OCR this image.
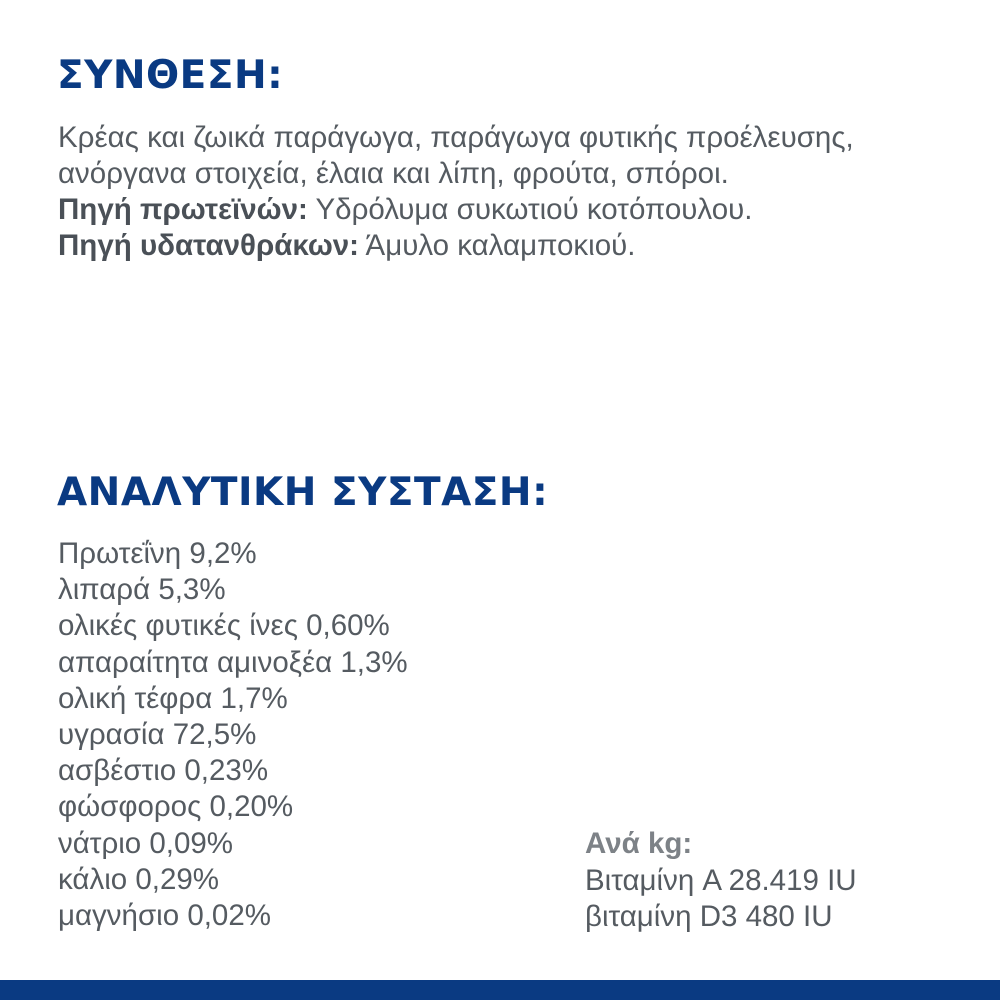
ΣΥΝΘΕΣΗ:

Κρέας και ζωικά παράγωγα, παράγωγα φυτικής προέλευσης, ανόργανα στοιχεία, έλαια και λίπη, φρούτα, σπόροι.

Πηγή πρωτεϊνών: Υδρόλυμα συκωτιού κοτόπουλου.

Πηγή υδατανθράκων: Άμυλο καλαμποκιού.

ΑΝΑΛΥΤΙΚΗ ΣΥΣΤΑΣΗ:
Πρωτεΐνη 9,2%
λιπαρά 5,3%
ολικές φυτικές ίνες 0,60%
απαραίτητα αμινοξέα 1,3%
ολική τέφρα 1,7%
υγρασία 72,5%
ασβέστιο 0,23%
φώσφορος 0,20%
νάτριο 0,09%
κάλιο 0,29%
μαγνήσιο 0,02%
Ανά kg:
Βιταμίνη A 28.419 IU
βιταμίνη D3 480 IU
